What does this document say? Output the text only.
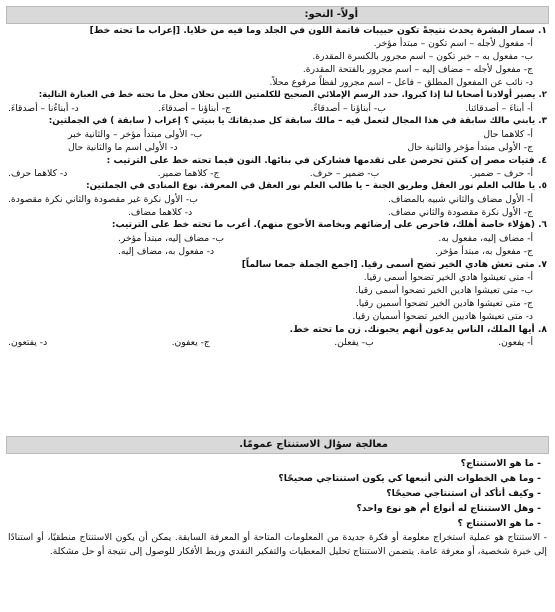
أولاً- النحو:
١. سمار البشرة يحدث نتيجةً تكون حبيبات قاتمة اللون في الجلد وما فيه من خلايا. [إعراب ما تحته خط]
أ- مفعول لأجله – اسم تكون – مبتدأ مؤخر.
ب- مفعول به – خبر تكون – اسم مجرور بالكسرة المقدرة.
ج- مفعول لأجله – مضاف إليه – اسم مجرور بالفتحة المقدرة.
د- نائب عن المفعول المطلق – فاعل – اسم مجرور لفظاً مرفوع محلاً.
٢. يصير أولادنا أصحابا لنا إذا كبروا. حدد الرسم الإملائي الصحيح للكلمتين اللتين تحلان محل ما تحته خط في العبارة التالية:
أ- أبناءَ – أصدقائنا.
ب- أبناؤنا – أصدقاءً.
ج- أبناؤنا – أصدقاءَ.
د- أبناءُنا – أصدقاءَ.
٣. يابني مالك سابقة في هذا المجال لتعمل فيه – مالك سابقة كل صديقاتك يا بنيتي ؟ إعراب ( سابقة ) في الجملتين:
أ- كلاهما حال
ب- الأولى مبتدأ مؤخر – والثانية خبر
ج- الأولى مبتدأ مؤخر والثانية حال
د- الأولى اسم ما والثانية حال
٤. فتيات مصر إن كنتن تحرصن على تقدمها فشاركن في بنائها. النون فيما تحته خط على الترتيب :
أ- حرف – ضمير.
ب- ضمير – حرف.
ج- كلاهما ضمير.
د- كلاهما حرف.
٥. يا طالب العلم نور العقل وطريق الجنة – يا طالب العلم نور العقل في المعرفة. نوع المنادى في الجملتين:
أ- الأول مضاف والثاني شبيه بالمضاف.
ب- الأول نكرة غير مقصودة والثاني نكرة مقصودة.
ج- الأول نكرة مقصودة والثاني مضاف.
د- كلاهما مضاف.
٦. (هؤلاء خاصة أهلك، فاحرص على إرضائهم وبخاصة الأحوج منهم). أعرب ما تحته خط على الترتيب:
أ- مضاف إليه، مفعول به.
ب- مضاف إليه، مبتدأ مؤخر.
ج- مفعول به، مبتدأ مؤخر.
د- مفعول به، مضاف إليه.
٧. متى تعش هادي الخير تضح أسمى رقيا. [اجمع الجملة جمعا سالماً]
أ- متى تعيشوا هادي الخير تضحوا أسمى رقيا.
ب- متى تعيشوا هادين الخير تضحوا أسمى رقيا.
ج- متى تعيشوا هادين الخير تضحوا أسمين رقيا.
د- متى تعيشوا هاديين الخير تضحوا أسميان رقيا.
٨. أيها الملك، الناس يدعون أنهم يحبونك. زن ما تحته خط.
أ- يفعون.
ب- يفعلن.
ج- يعفون.
د- يفتعون.
معالجة سؤال الاستنتاج عمومًا.
- ما هو الاستنتاج؟
- وما هي الخطوات التي أتبعها كي يكون استنتاجي صحيحًا؟
- وكيف أتأكد أن استنتاجي صحيحًا؟
- وهل الاستنتاج له أنواع أم هو نوع واحد؟
- ما هو الاستنتاج ؟
- الاستنتاج هو عملية استخراج معلومة أو فكرة جديدة من المعلومات المتاحة أو المعرفة السابقة. يمكن أن يكون الاستنتاج منطقيًا، أو استنادًا إلى خبرة شخصية، أو معرفة عامة. يتضمن الاستنتاج تحليل المعطيات والتفكير النقدي وربط الأفكار للوصول إلى نتيجة أو حل مشكلة.
